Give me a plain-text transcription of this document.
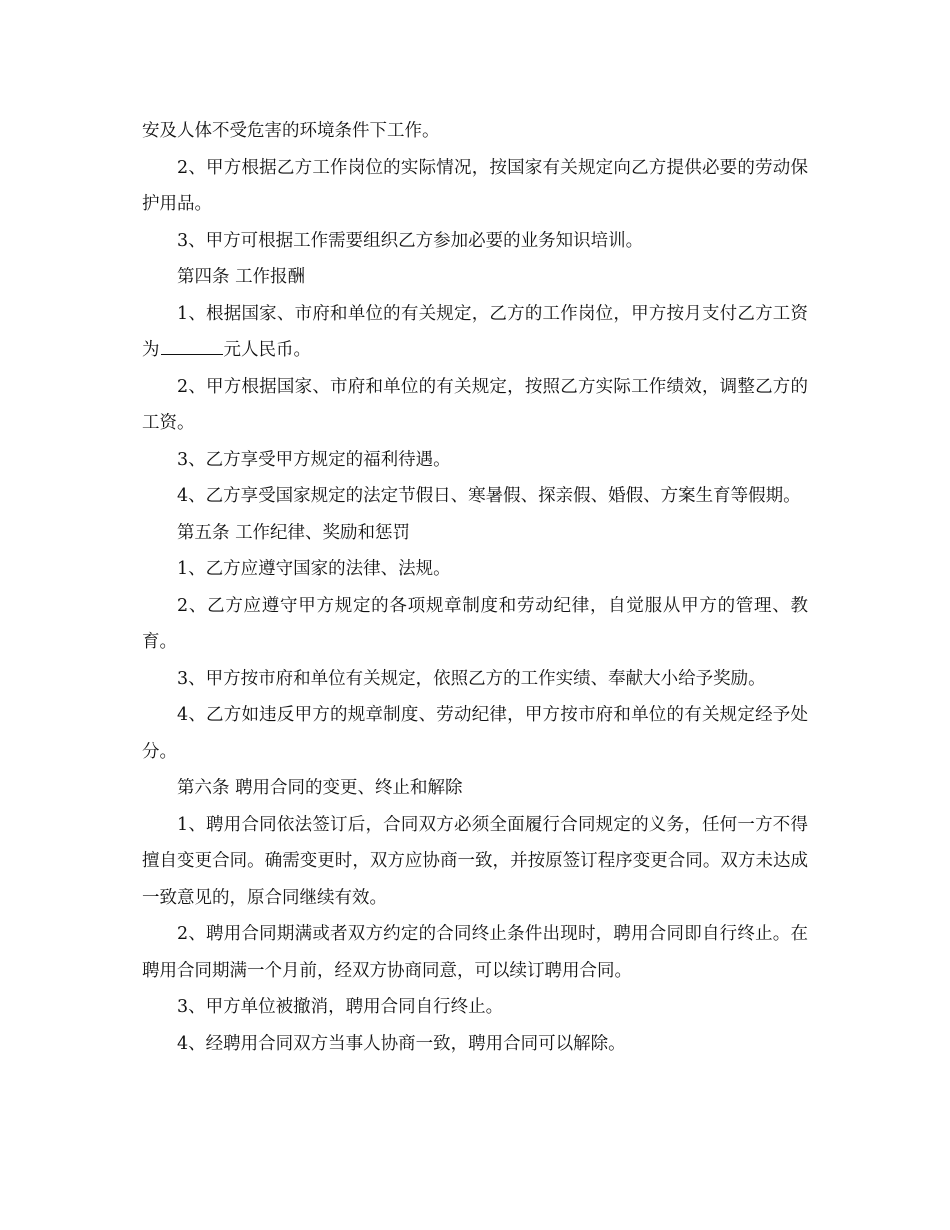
安及人体不受危害的环境条件下工作。

2、甲方根据乙方工作岗位的实际情况，按国家有关规定向乙方提供必要的劳动保护用品。

3、甲方可根据工作需要组织乙方参加必要的业务知识培训。

第四条 工作报酬

1、根据国家、市府和单位的有关规定，乙方的工作岗位，甲方按月支付乙方工资为	元人民币。

2、甲方根据国家、市府和单位的有关规定，按照乙方实际工作绩效，调整乙方的工资。

3、乙方享受甲方规定的福利待遇。

4、乙方享受国家规定的法定节假日、寒暑假、探亲假、婚假、方案生育等假期。

第五条 工作纪律、奖励和惩罚

1、乙方应遵守国家的法律、法规。

2、乙方应遵守甲方规定的各项规章制度和劳动纪律，自觉服从甲方的管理、教育。

3、甲方按市府和单位有关规定，依照乙方的工作实绩、奉献大小给予奖励。

4、乙方如违反甲方的规章制度、劳动纪律，甲方按市府和单位的有关规定经予处分。

第六条 聘用合同的变更、终止和解除

1、聘用合同依法签订后，合同双方必须全面履行合同规定的义务，任何一方不得擅自变更合同。确需变更时，双方应协商一致，并按原签订程序变更合同。双方未达成一致意见的，原合同继续有效。

2、聘用合同期满或者双方约定的合同终止条件出现时，聘用合同即自行终止。在聘用合同期满一个月前，经双方协商同意，可以续订聘用合同。

3、甲方单位被撤消，聘用合同自行终止。

4、经聘用合同双方当事人协商一致，聘用合同可以解除。
